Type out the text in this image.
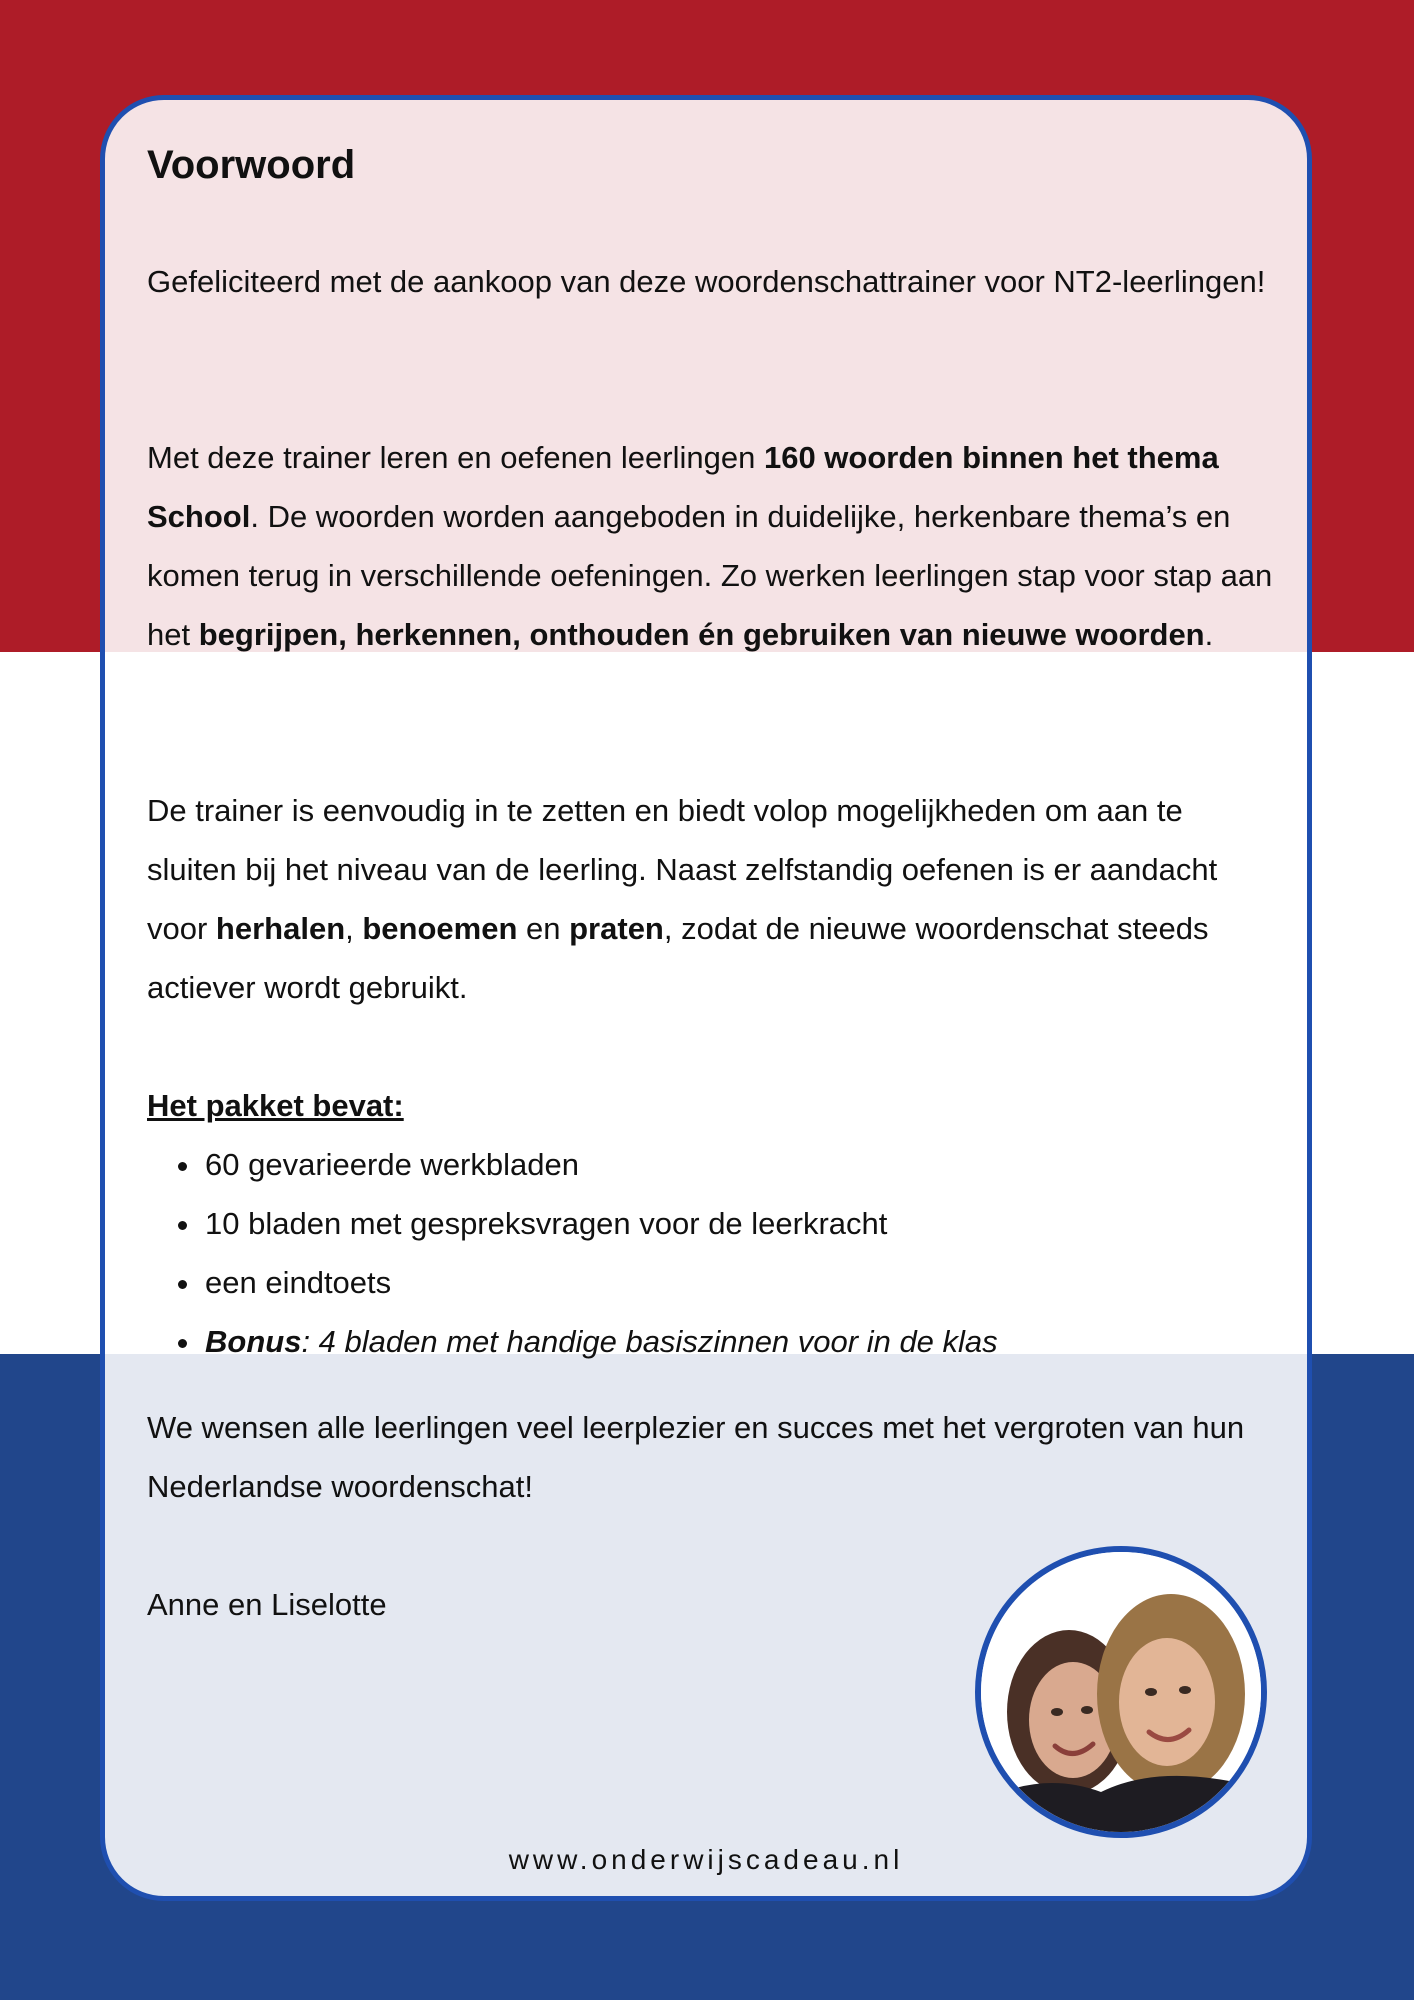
Voorwoord

Gefeliciteerd met de aankoop van deze woordenschattrainer voor NT2-leerlingen!

Met deze trainer leren en oefenen leerlingen 160 woorden binnen het thema School. De woorden worden aangeboden in duidelijke, herkenbare thema’s en komen terug in verschillende oefeningen. Zo werken leerlingen stap voor stap aan het begrijpen, herkennen, onthouden én gebruiken van nieuwe woorden.

De trainer is eenvoudig in te zetten en biedt volop mogelijkheden om aan te sluiten bij het niveau van de leerling. Naast zelfstandig oefenen is er aandacht voor herhalen, benoemen en praten, zodat de nieuwe woordenschat steeds actiever wordt gebruikt.

Het pakket bevat:

• 60 gevarieerde werkbladen
• 10 bladen met gespreksvragen voor de leerkracht
• een eindtoets
• Bonus: 4 bladen met handige basiszinnen voor in de klas

We wensen alle leerlingen veel leerplezier en succes met het vergroten van hun Nederlandse woordenschat!

Anne en Liselotte

www.onderwijscadeau.nl
